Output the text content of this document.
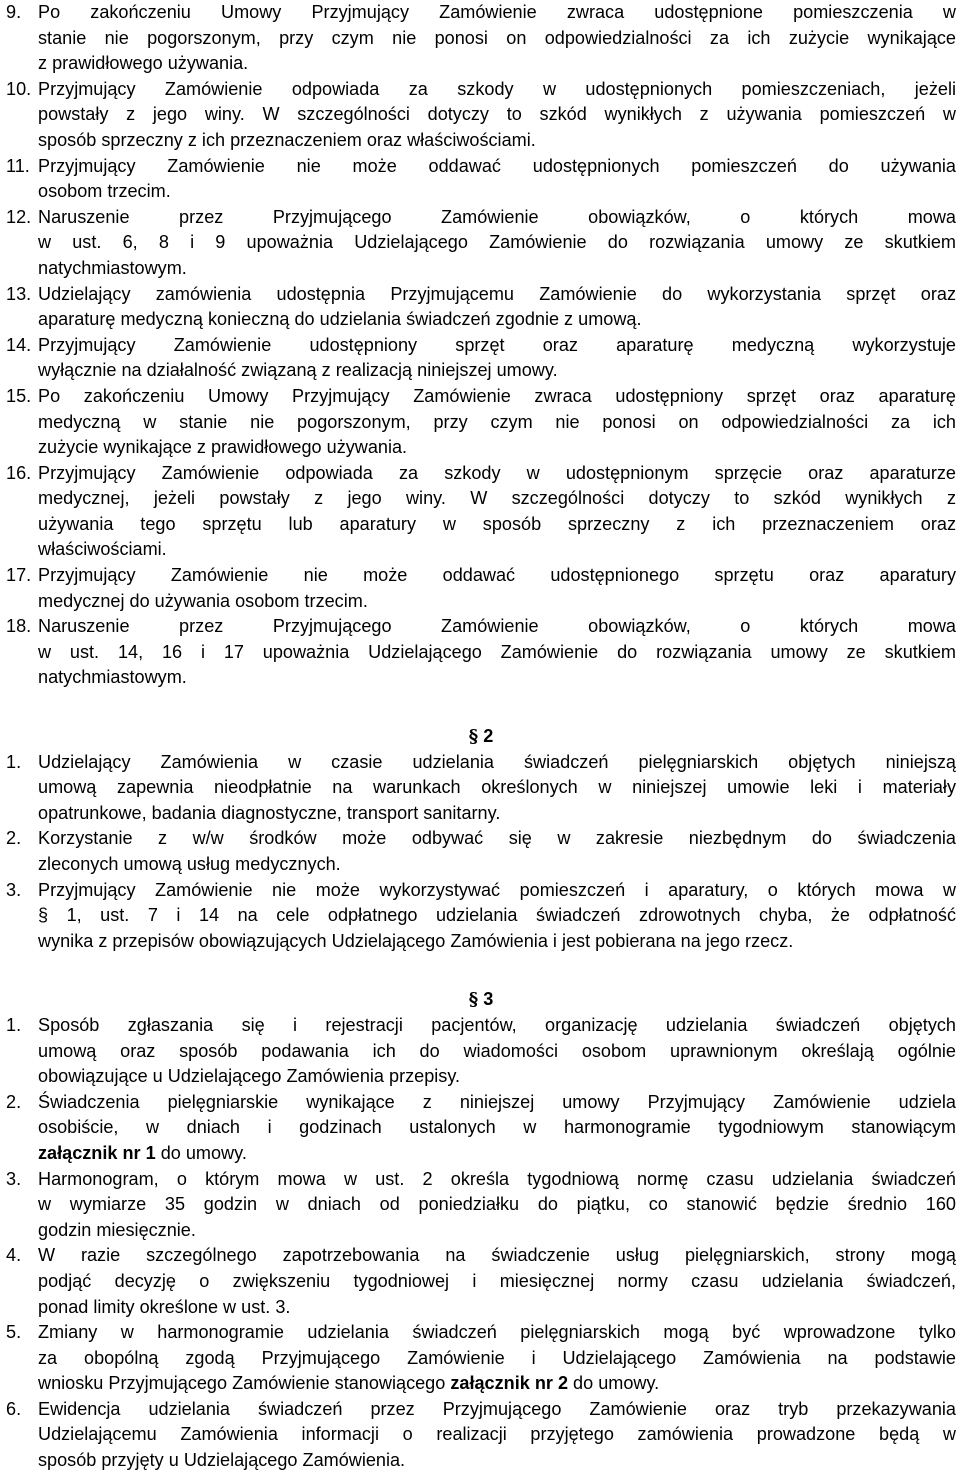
9. Po zakończeniu Umowy Przyjmujący Zamówienie zwraca udostępnione pomieszczenia w
stanie nie pogorszonym, przy czym nie ponosi on odpowiedzialności za ich zużycie wynikające
z prawidłowego używania.
10. Przyjmujący Zamówienie odpowiada za szkody w udostępnionych pomieszczeniach, jeżeli
powstały z jego winy. W szczególności dotyczy to szkód wynikłych z używania pomieszczeń w
sposób sprzeczny z ich przeznaczeniem oraz właściwościami.
11. Przyjmujący Zamówienie nie może oddawać udostępnionych pomieszczeń do używania
osobom trzecim.
12. Naruszenie przez Przyjmującego Zamówienie obowiązków, o których mowa
w ust. 6, 8 i 9 upoważnia Udzielającego Zamówienie do rozwiązania umowy ze skutkiem
natychmiastowym.
13. Udzielający zamówienia udostępnia Przyjmującemu Zamówienie do wykorzystania sprzęt oraz
aparaturę medyczną konieczną do udzielania świadczeń zgodnie z umową.
14. Przyjmujący Zamówienie udostępniony sprzęt oraz aparaturę medyczną wykorzystuje
wyłącznie na działalność związaną z realizacją niniejszej umowy.
15. Po zakończeniu Umowy Przyjmujący Zamówienie zwraca udostępniony sprzęt oraz aparaturę
medyczną w stanie nie pogorszonym, przy czym nie ponosi on odpowiedzialności za ich
zużycie wynikające z prawidłowego używania.
16. Przyjmujący Zamówienie odpowiada za szkody w udostępnionym sprzęcie oraz aparaturze
medycznej, jeżeli powstały z jego winy. W szczególności dotyczy to szkód wynikłych z
używania tego sprzętu lub aparatury w sposób sprzeczny z ich przeznaczeniem oraz
właściwościami.
17. Przyjmujący Zamówienie nie może oddawać udostępnionego sprzętu oraz aparatury
medycznej do używania osobom trzecim.
18. Naruszenie przez Przyjmującego Zamówienie obowiązków, o których mowa
w ust. 14, 16 i 17 upoważnia Udzielającego Zamówienie do rozwiązania umowy ze skutkiem
natychmiastowym.
§ 2
1. Udzielający Zamówienia w czasie udzielania świadczeń pielęgniarskich objętych niniejszą
umową zapewnia nieodpłatnie na warunkach określonych w niniejszej umowie leki i materiały
opatrunkowe, badania diagnostyczne, transport sanitarny.
2. Korzystanie z w/w środków może odbywać się w zakresie niezbędnym do świadczenia
zleconych umową usług medycznych.
3. Przyjmujący Zamówienie nie może wykorzystywać pomieszczeń i aparatury, o których mowa w
§ 1, ust. 7 i 14 na cele odpłatnego udzielania świadczeń zdrowotnych chyba, że odpłatność
wynika z przepisów obowiązujących Udzielającego Zamówienia i jest pobierana na jego rzecz.
§ 3
1. Sposób zgłaszania się i rejestracji pacjentów, organizację udzielania świadczeń objętych
umową oraz sposób podawania ich do wiadomości osobom uprawnionym określają ogólnie
obowiązujące u Udzielającego Zamówienia przepisy.
2. Świadczenia pielęgniarskie wynikające z niniejszej umowy Przyjmujący Zamówienie udziela
osobiście, w dniach i godzinach ustalonych w harmonogramie tygodniowym stanowiącym
załącznik nr 1 do umowy.
3. Harmonogram, o którym mowa w ust. 2 określa tygodniową normę czasu udzielania świadczeń
w wymiarze 35 godzin w dniach od poniedziałku do piątku, co stanowić będzie średnio 160
godzin miesięcznie.
4. W razie szczególnego zapotrzebowania na świadczenie usług pielęgniarskich, strony mogą
podjąć decyzję o zwiększeniu tygodniowej i miesięcznej normy czasu udzielania świadczeń,
ponad limity określone w ust. 3.
5. Zmiany w harmonogramie udzielania świadczeń pielęgniarskich mogą być wprowadzone tylko
za obopólną zgodą Przyjmującego Zamówienie i Udzielającego Zamówienia na podstawie
wniosku Przyjmującego Zamówienie stanowiącego załącznik nr 2 do umowy.
6. Ewidencja udzielania świadczeń przez Przyjmującego Zamówienie oraz tryb przekazywania
Udzielającemu Zamówienia informacji o realizacji przyjętego zamówienia prowadzone będą w
sposób przyjęty u Udzielającego Zamówienia.
